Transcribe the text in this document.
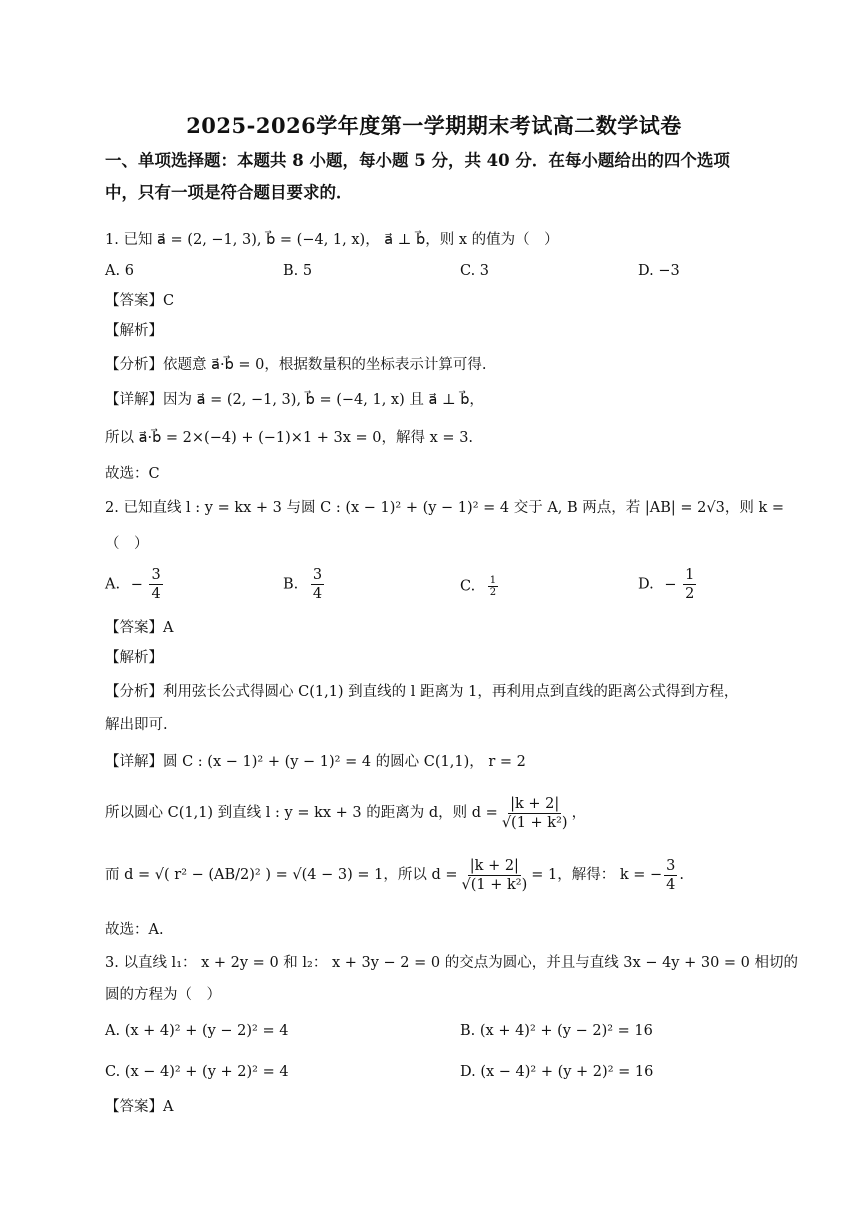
2025-2026学年度第一学期期末考试高二数学试卷
一、单项选择题：本题共 8 小题，每小题 5 分，共 40 分．在每小题给出的四个选项
中，只有一项是符合题目要求的．
1. 已知 a⃗ = (2, −1, 3), b⃗ = (−4, 1, x)， a⃗ ⊥ b⃗，则 x 的值为（　）
A. 6	B. 5	C. 3	D. −3
【答案】C
【解析】
【分析】依题意 a⃗·b⃗ = 0，根据数量积的坐标表示计算可得.
【详解】因为 a⃗ = (2, −1, 3), b⃗ = (−4, 1, x) 且 a⃗ ⊥ b⃗，
所以 a⃗·b⃗ = 2×(−4) + (−1)×1 + 3x = 0，解得 x = 3.
故选：C
2. 已知直线 l : y = kx + 3 与圆 C : (x − 1)² + (y − 1)² = 4 交于 A, B 两点，若 |AB| = 2√3，则 k =
（　）
A. − $\frac{3}{4}$	B. $\frac{3}{4}$	C. $\frac{1}{2}$	D. − $\frac{1}{2}$
【答案】A
【解析】
【分析】利用弦长公式得圆心 C(1,1) 到直线的 l 距离为 1，再利用点到直线的距离公式得到方程，
解出即可.
【详解】圆 C : (x − 1)² + (y − 1)² = 4 的圆心 C(1,1)， r = 2
所以圆心 C(1,1) 到直线 l : y = kx + 3 的距离为 d，则 $d = \frac{|k + 2|}{\text{√(1 + k²)}}$ ，
而 d = √( r² − (AB/2)² ) = √(4 − 3) = 1，所以 $d = \frac{|k + 2|}{\text{√(1 + k²)}} = 1$，解得： k = − $\frac{3}{4}$ .
故选：A.
3. 以直线 l₁： x + 2y = 0 和 l₂： x + 3y − 2 = 0 的交点为圆心，并且与直线 3x − 4y + 30 = 0 相切的
圆的方程为（　）
A. (x + 4)² + (y − 2)² = 4	B. (x + 4)² + (y − 2)² = 16
C. (x − 4)² + (y + 2)² = 4	D. (x − 4)² + (y + 2)² = 16
【答案】A
